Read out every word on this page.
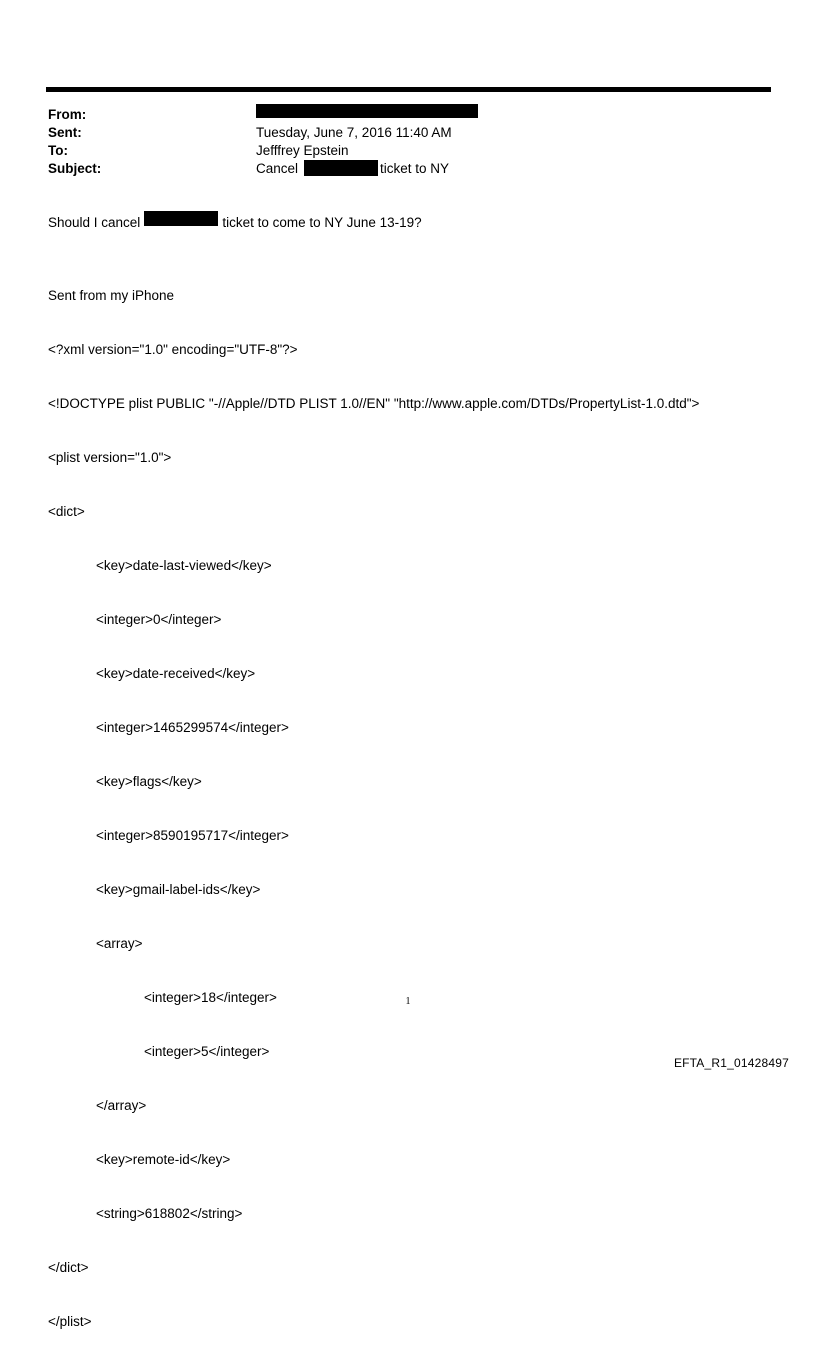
From:
Sent:	Tuesday, June 7, 2016 11:40 AM
To:	Jefffrey Epstein
Subject:	Cancel	ticket to NY
Should I cancel	ticket to come to NY June 13-19?

Sent from my iPhone

<?xml version="1.0" encoding="UTF-8"?>

<!DOCTYPE plist PUBLIC "-//Apple//DTD PLIST 1.0//EN" "http://www.apple.com/DTDs/PropertyList-1.0.dtd">

<plist version="1.0">

<dict>

<key>date-last-viewed</key>

<integer>0</integer>

<key>date-received</key>

<integer>1465299574</integer>

<key>flags</key>

<integer>8590195717</integer>

<key>gmail-label-ids</key>

<array>

<integer>18</integer>

<integer>5</integer>

</array>

<key>remote-id</key>

<string>618802</string>

</dict>

</plist>

1
EFTA_R1_01428497
